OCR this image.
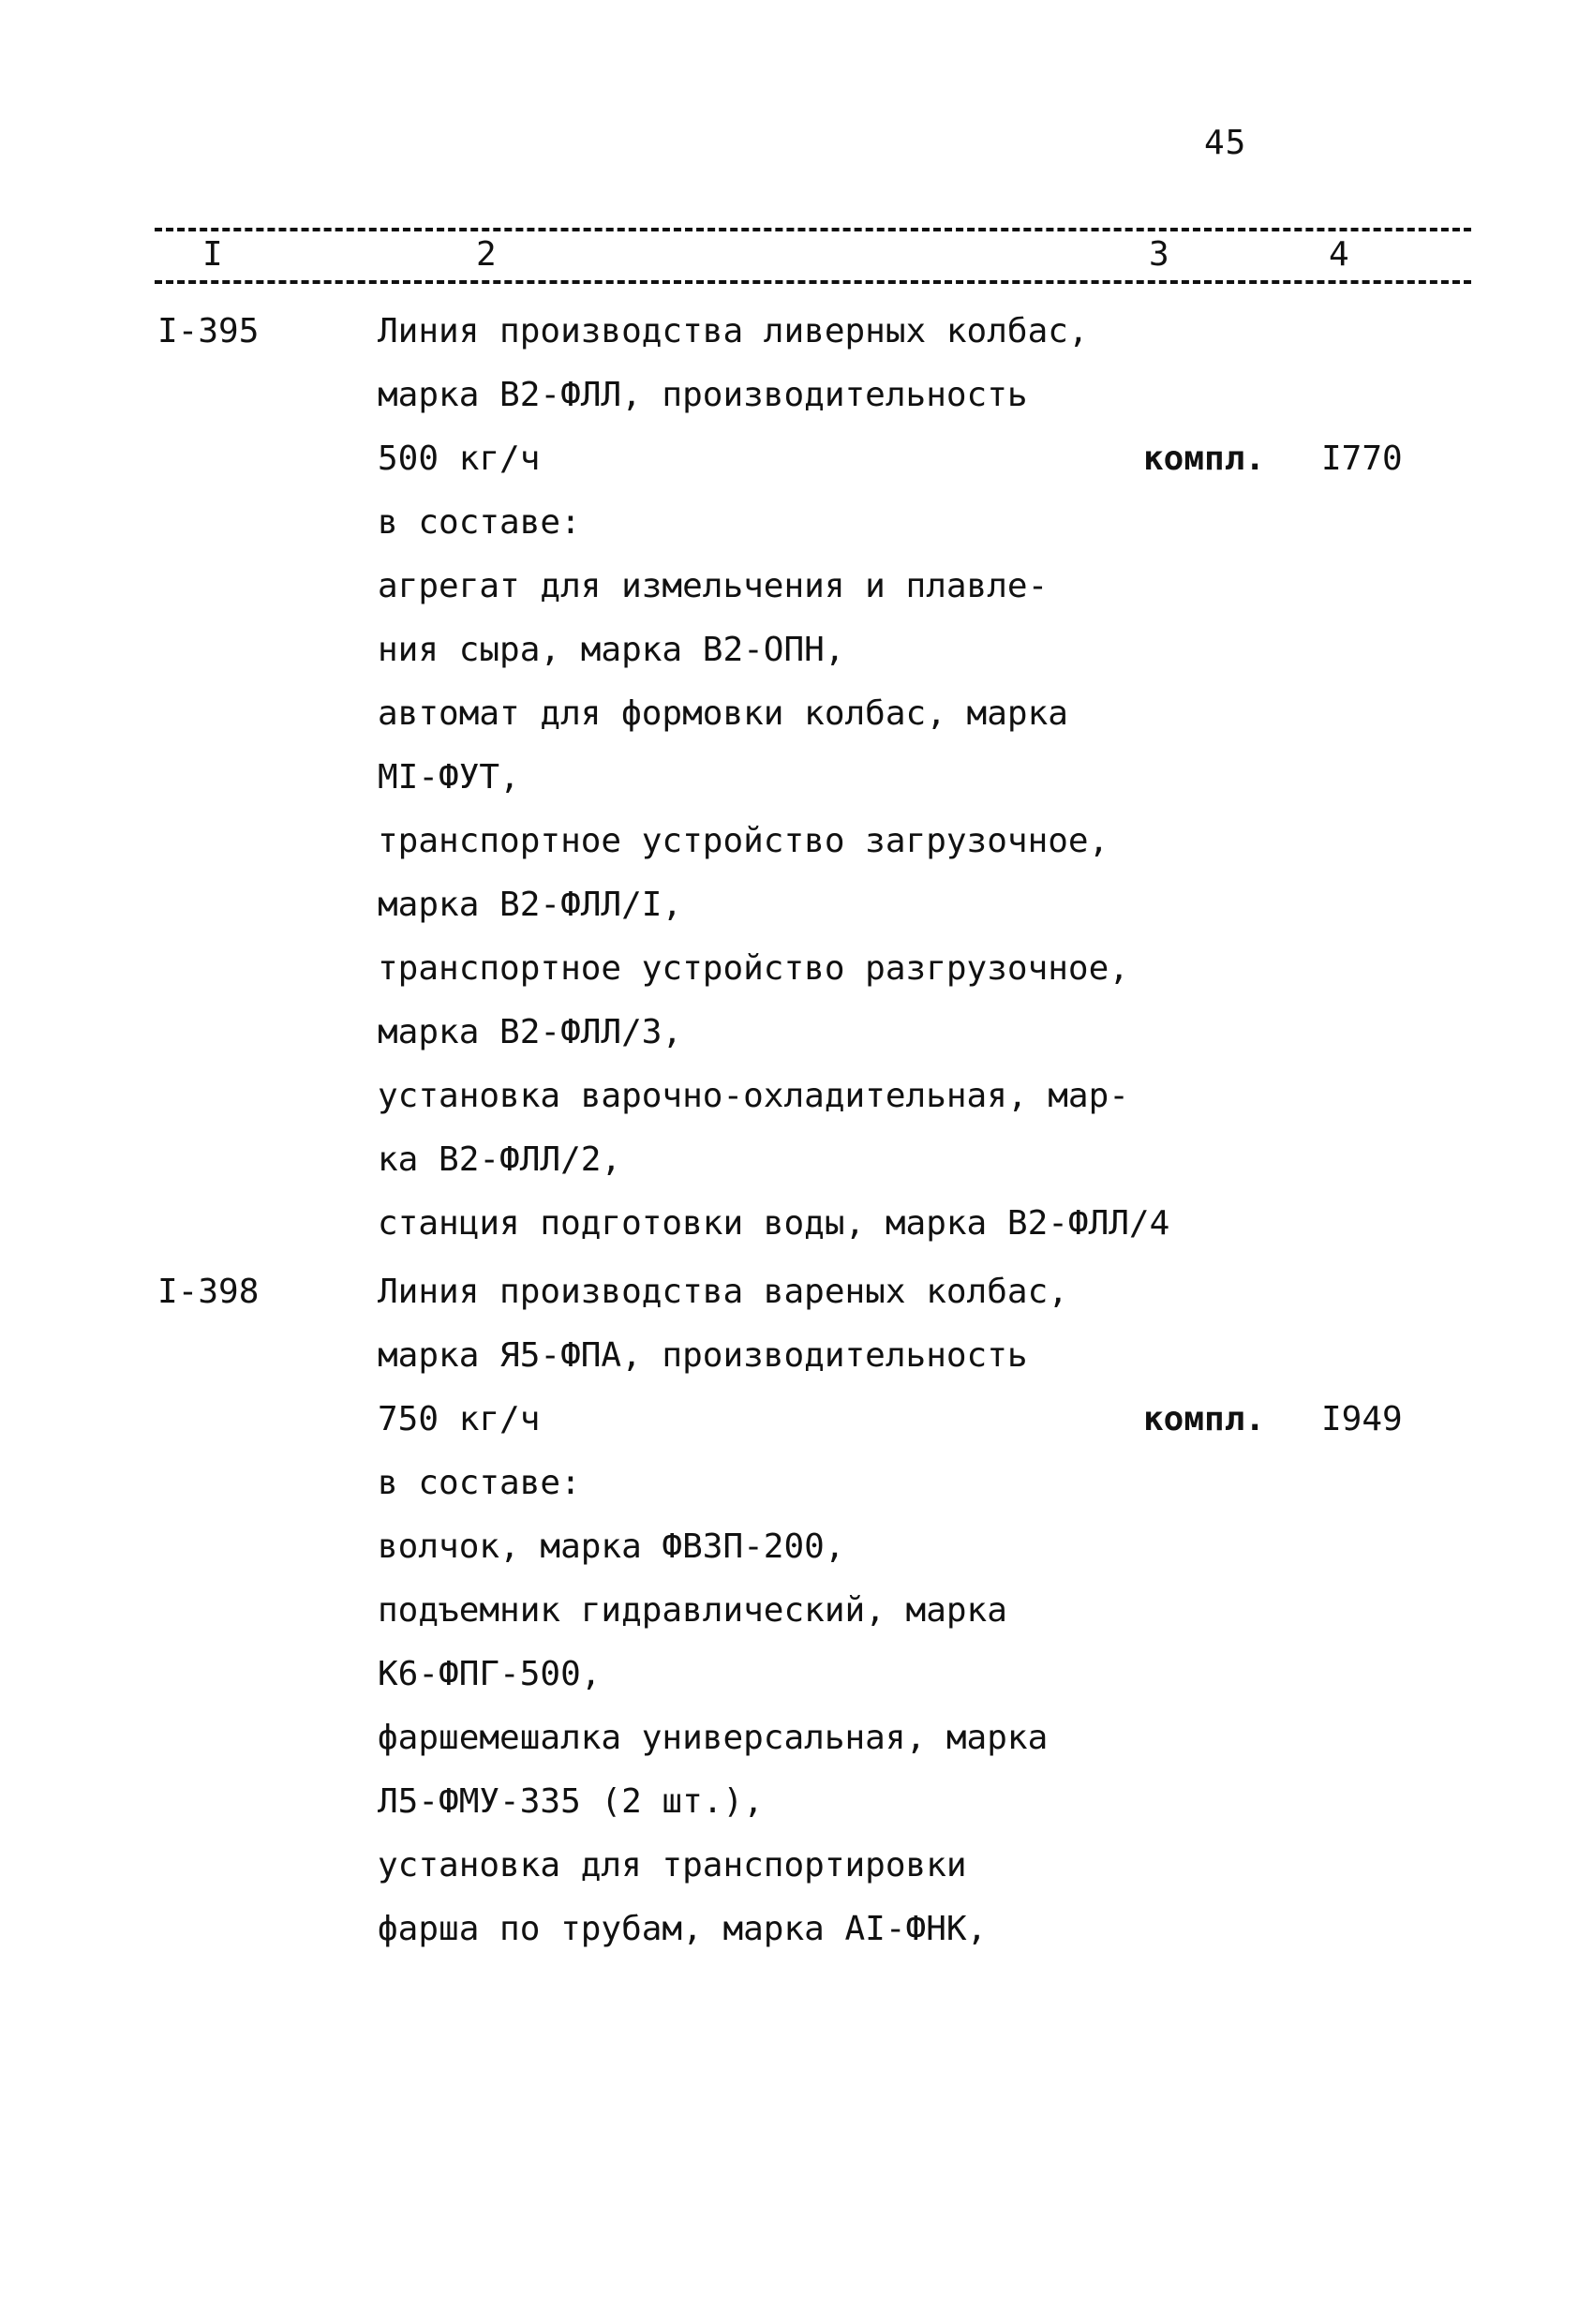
45
I	2	3	4
I-395	Линия производства ливерных колбас,
марка В2-ФЛЛ, производительность
500 кг/ч
в составе:
агрегат для измельчения и плавле-
ния сыра, марка В2-ОПН,
автомат для формовки колбас, марка
МI-ФУТ,
транспортное устройство загрузочное,
марка В2-ФЛЛ/I,
транспортное устройство разгрузочное,
марка В2-ФЛЛ/3,
установка варочно-охладительная, мар-
ка В2-ФЛЛ/2,
станция подготовки воды, марка В2-ФЛЛ/4
компл. I770
I-398	Линия производства вареных колбас,
марка Я5-ФПА, производительность
750 кг/ч
в составе:
волчок, марка ФВЗП-200,
подъемник гидравлический, марка
К6-ФПГ-500,
фаршемешалка универсальная, марка
Л5-ФМУ-335 (2 шт.),
установка для транспортировки
фарша по трубам, марка АI-ФНК,
компл. I949
